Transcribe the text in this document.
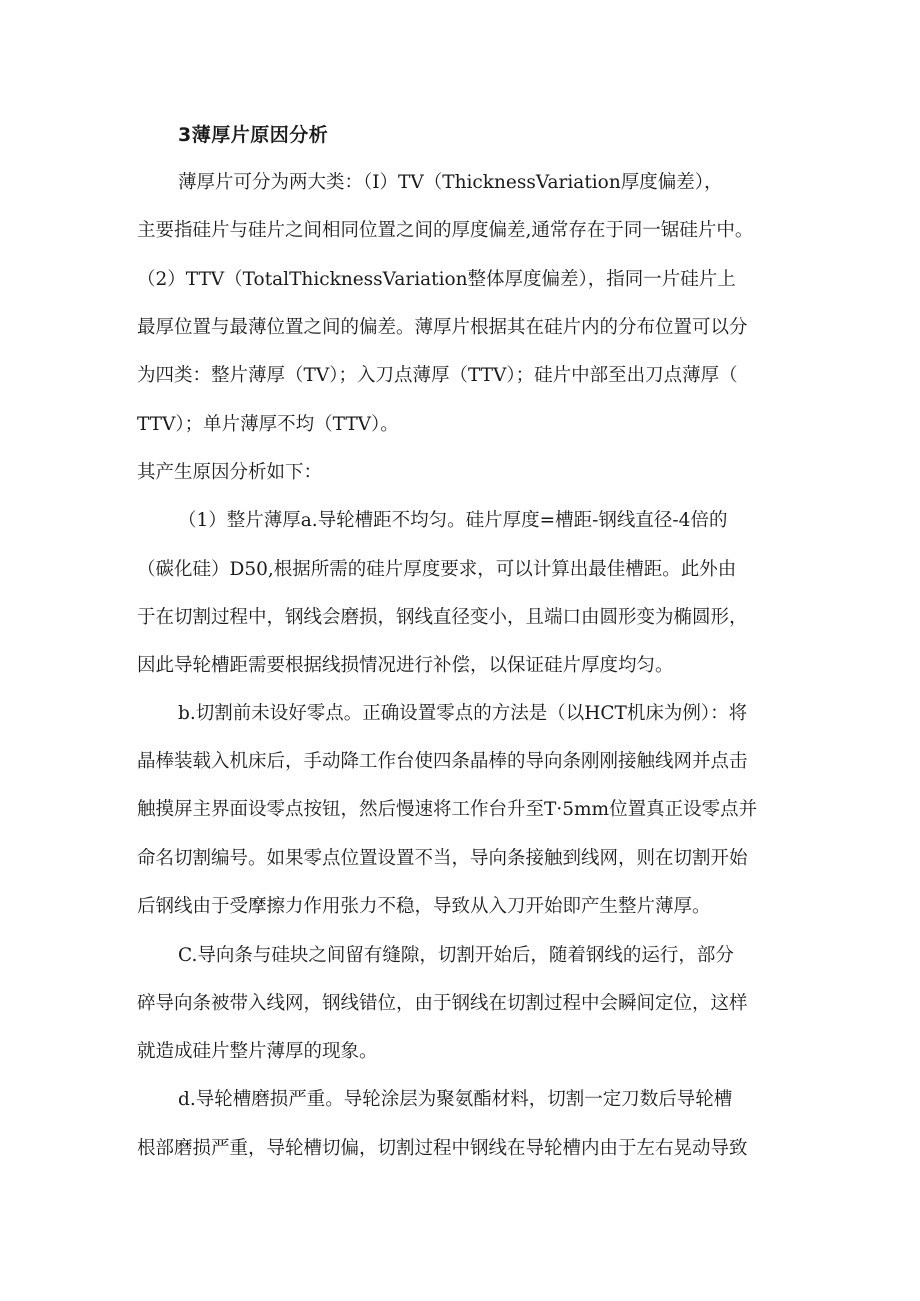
3薄厚片原因分析
薄厚片可分为两大类：（I）TV（ThicknessVariation厚度偏差），
主要指硅片与硅片之间相同位置之间的厚度偏差,通常存在于同一锯硅片中。
（2）TTV（TotalThicknessVariation整体厚度偏差），指同一片硅片上
最厚位置与最薄位置之间的偏差。薄厚片根据其在硅片内的分布位置可以分
为四类：整片薄厚（TV）；入刀点薄厚（TTV）；硅片中部至出刀点薄厚（
TTV）；单片薄厚不均（TTV）。
其产生原因分析如下：
（1）整片薄厚a.导轮槽距不均匀。硅片厚度=槽距-钢线直径-4倍的
（碳化硅）D50,根据所需的硅片厚度要求，可以计算出最佳槽距。此外由
于在切割过程中，钢线会磨损，钢线直径变小，且端口由圆形变为椭圆形，
因此导轮槽距需要根据线损情况进行补偿，以保证硅片厚度均匀。
b.切割前未设好零点。正确设置零点的方法是（以HCT机床为例）：将
晶棒装载入机床后，手动降工作台使四条晶棒的导向条刚刚接触线网并点击
触摸屏主界面设零点按钮，然后慢速将工作台升至T·5mm位置真正设零点并
命名切割编号。如果零点位置设置不当，导向条接触到线网，则在切割开始
后钢线由于受摩擦力作用张力不稳，导致从入刀开始即产生整片薄厚。
C.导向条与硅块之间留有缝隙，切割开始后，随着钢线的运行，部分
碎导向条被带入线网，钢线错位，由于钢线在切割过程中会瞬间定位，这样
就造成硅片整片薄厚的现象。
d.导轮槽磨损严重。导轮涂层为聚氨酯材料，切割一定刀数后导轮槽
根部磨损严重，导轮槽切偏，切割过程中钢线在导轮槽内由于左右晃动导致
